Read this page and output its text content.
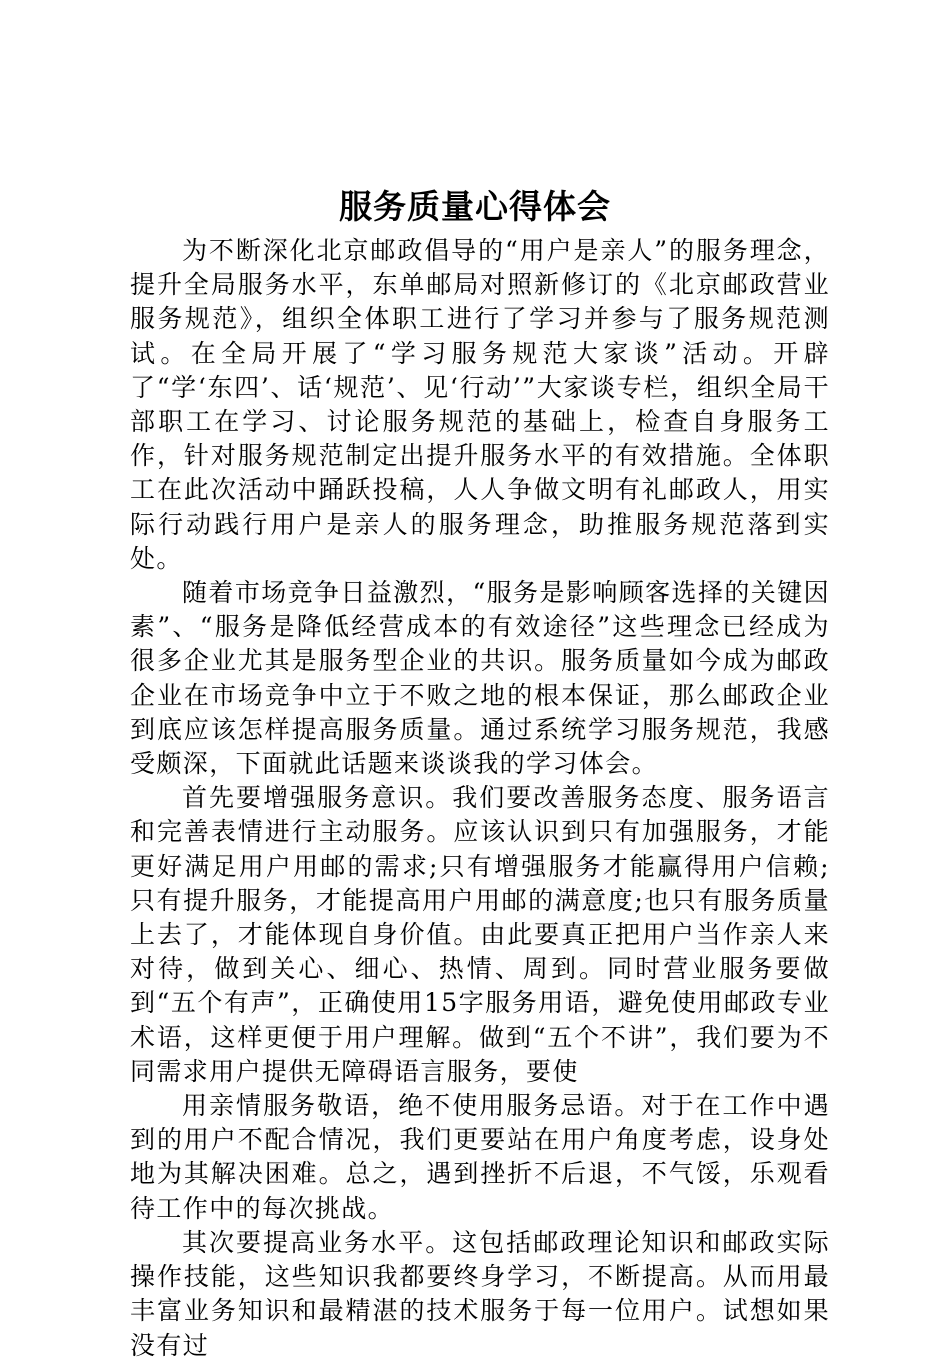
服务质量心得体会

为不断深化北京邮政倡导的“用户是亲人”的服务理念，提升全局服务水平，东单邮局对照新修订的《北京邮政营业服务规范》，组织全体职工进行了学习并参与了服务规范测试。在全局开展了“学习服务规范大家谈”活动。开辟了“学‘东四’、话‘规范’、见‘行动’”大家谈专栏，组织全局干部职工在学习、讨论服务规范的基础上，检查自身服务工作，针对服务规范制定出提升服务水平的有效措施。全体职工在此次活动中踊跃投稿，人人争做文明有礼邮政人，用实际行动践行用户是亲人的服务理念，助推服务规范落到实处。

随着市场竞争日益激烈，“服务是影响顾客选择的关键因素”、“服务是降低经营成本的有效途径”这些理念已经成为很多企业尤其是服务型企业的共识。服务质量如今成为邮政企业在市场竞争中立于不败之地的根本保证，那么邮政企业到底应该怎样提高服务质量。通过系统学习服务规范，我感受颇深，下面就此话题来谈谈我的学习体会。

首先要增强服务意识。我们要改善服务态度、服务语言和完善表情进行主动服务。应该认识到只有加强服务，才能更好满足用户用邮的需求;只有增强服务才能赢得用户信赖;只有提升服务，才能提高用户用邮的满意度;也只有服务质量上去了，才能体现自身价值。由此要真正把用户当作亲人来对待，做到关心、细心、热情、周到。同时营业服务要做到“五个有声”，正确使用15字服务用语，避免使用邮政专业术语，这样更便于用户理解。做到“五个不讲”，我们要为不同需求用户提供无障碍语言服务，要使

用亲情服务敬语，绝不使用服务忌语。对于在工作中遇到的用户不配合情况，我们更要站在用户角度考虑，设身处地为其解决困难。总之，遇到挫折不后退，不气馁，乐观看待工作中的每次挑战。

其次要提高业务水平。这包括邮政理论知识和邮政实际操作技能，这些知识我都要终身学习，不断提高。从而用最丰富业务知识和最精湛的技术服务于每一位用户。试想如果没有过
